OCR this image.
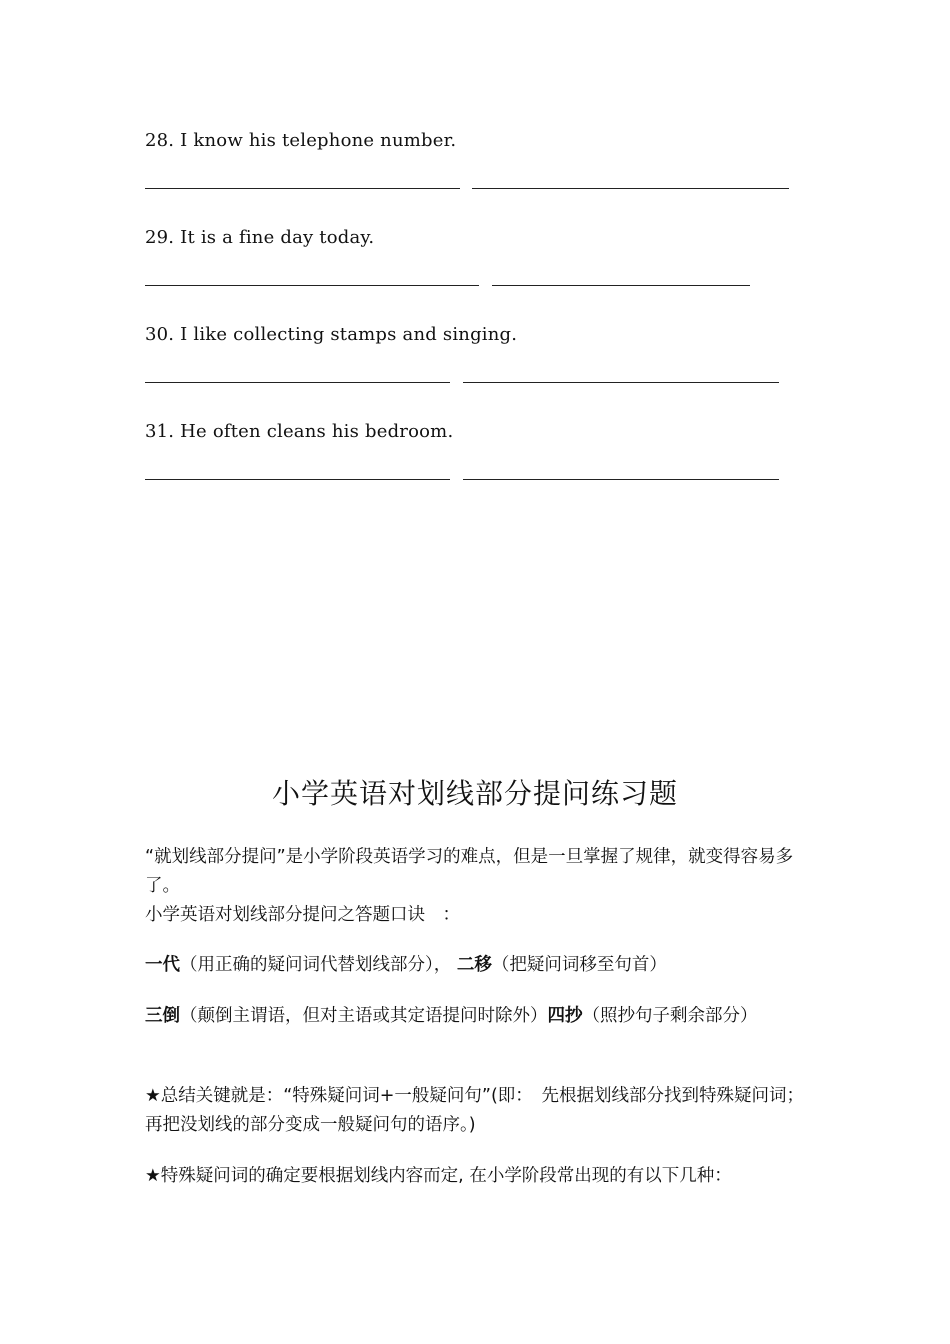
28. I know his telephone number.
29. It is a fine day today.
30. I like collecting stamps and singing.
31. He often cleans his bedroom.
小学英语对划线部分提问练习题
“就划线部分提问”是小学阶段英语学习的难点，但是一旦掌握了规律，就变得容易多了。
小学英语对划线部分提问之答题口诀　：
一代（用正确的疑问词代替划线部分）， 二移（把疑问词移至句首）
三倒（颠倒主谓语，但对主语或其定语提问时除外）四抄（照抄句子剩余部分）
★总结关键就是：“特殊疑问词+一般疑问句”(即：　先根据划线部分找到特殊疑问词；　再把没划线的部分变成一般疑问句的语序。)
★特殊疑问词的确定要根据划线内容而定, 在小学阶段常出现的有以下几种：
